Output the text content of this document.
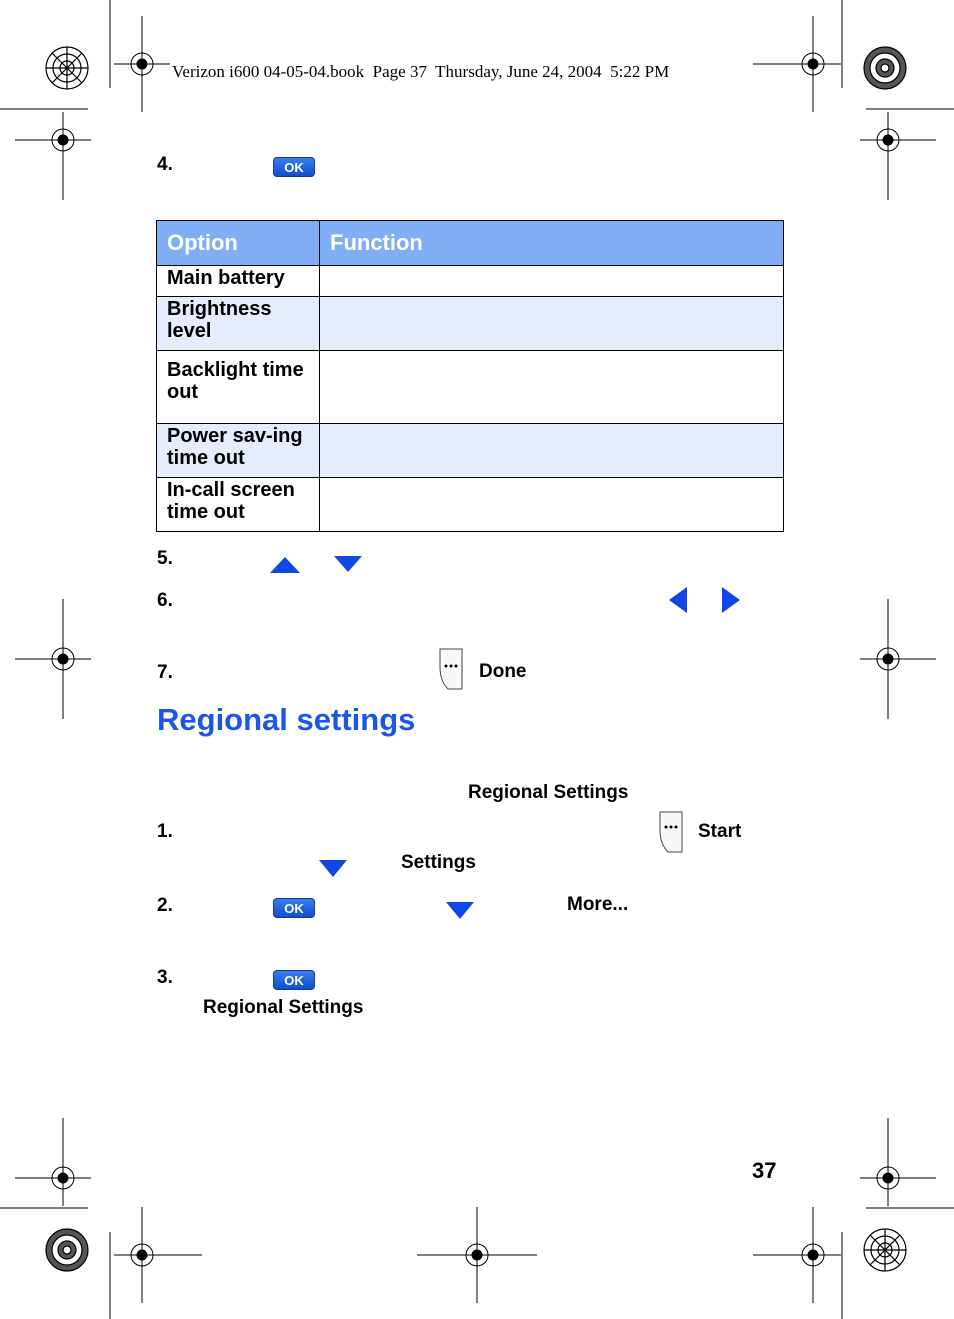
Verizon i600 04-05-04.book  Page 37  Thursday, June 24, 2004  5:22 PM
4.	OK
Option	Function
Main battery	
Brightness level	
Backlight time out	
Power sav-ing time out	
In-call screen time out	
5.
6.
7.	Done
Regional settings
Regional Settings
1.	Start
Settings
2.	OK	More...
3.	OK
Regional Settings
37
